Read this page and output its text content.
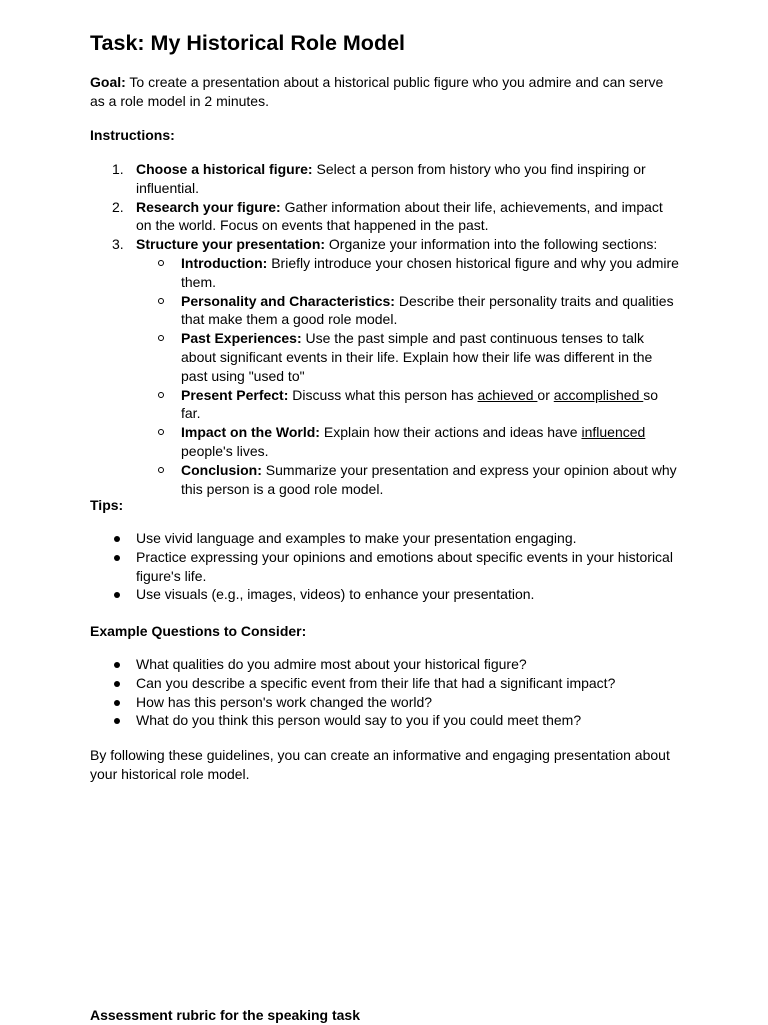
Task: My Historical Role Model

Goal: To create a presentation about a historical public figure who you admire and can serve as a role model in 2 minutes.

Instructions:

1. Choose a historical figure: Select a person from history who you find inspiring or influential.
2. Research your figure: Gather information about their life, achievements, and impact on the world. Focus on events that happened in the past.
3. Structure your presentation: Organize your information into the following sections:
Introduction: Briefly introduce your chosen historical figure and why you admire them.
Personality and Characteristics: Describe their personality traits and qualities that make them a good role model.
Past Experiences: Use the past simple and past continuous tenses to talk about significant events in their life. Explain how their life was different in the past using "used to"
Present Perfect: Discuss what this person has achieved or accomplished so far.
Impact on the World: Explain how their actions and ideas have influenced people's lives.
Conclusion: Summarize your presentation and express your opinion about why this person is a good role model.

Tips:

Use vivid language and examples to make your presentation engaging.
Practice expressing your opinions and emotions about specific events in your historical figure's life.
Use visuals (e.g., images, videos) to enhance your presentation.

Example Questions to Consider:

What qualities do you admire most about your historical figure?
Can you describe a specific event from their life that had a significant impact?
How has this person's work changed the world?
What do you think this person would say to you if you could meet them?

By following these guidelines, you can create an informative and engaging presentation about your historical role model.

Assessment rubric for the speaking task
